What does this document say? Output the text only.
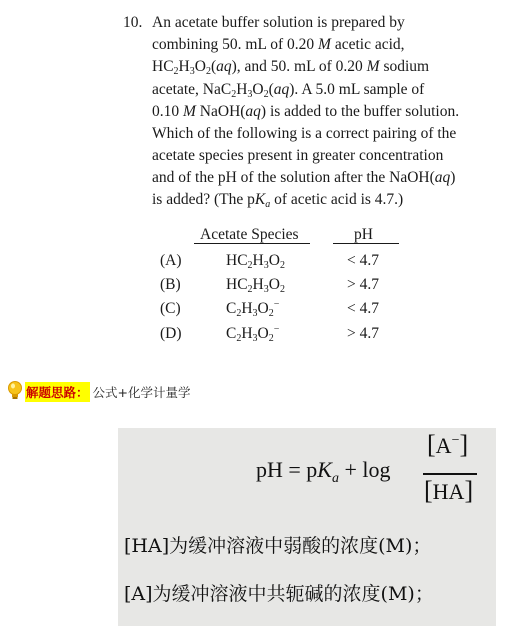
10. An acetate buffer solution is prepared by
combining 50. mL of 0.20 M acetic acid,
$HC_2H_3O_2(aq)$, and 50. mL of 0.20 M sodium
acetate, $NaC_2H_3O_2(aq)$. A 5.0 mL sample of
0.10 M NaOH(aq) is added to the buffer solution.
Which of the following is a correct pairing of the
acetate species present in greater concentration
and of the pH of the solution after the NaOH(aq)
is added? (The $pK_a$ of acetic acid is 4.7.)
Acetate Species	pH
(A)	$HC_2H_3O_2$	< 4.7
(B)	$HC_2H_3O_2$	> 4.7
(C)	$C_2H_3O_2^-$	< 4.7
(D)	$C_2H_3O_2^-$	> 4.7
解题思路： 公式+化学计量学
pH = $pK_a + \log$
[A−]
[HA]
[HA]为缓冲溶液中弱酸的浓度(M)；
[A]为缓冲溶液中共轭碱的浓度(M)；
